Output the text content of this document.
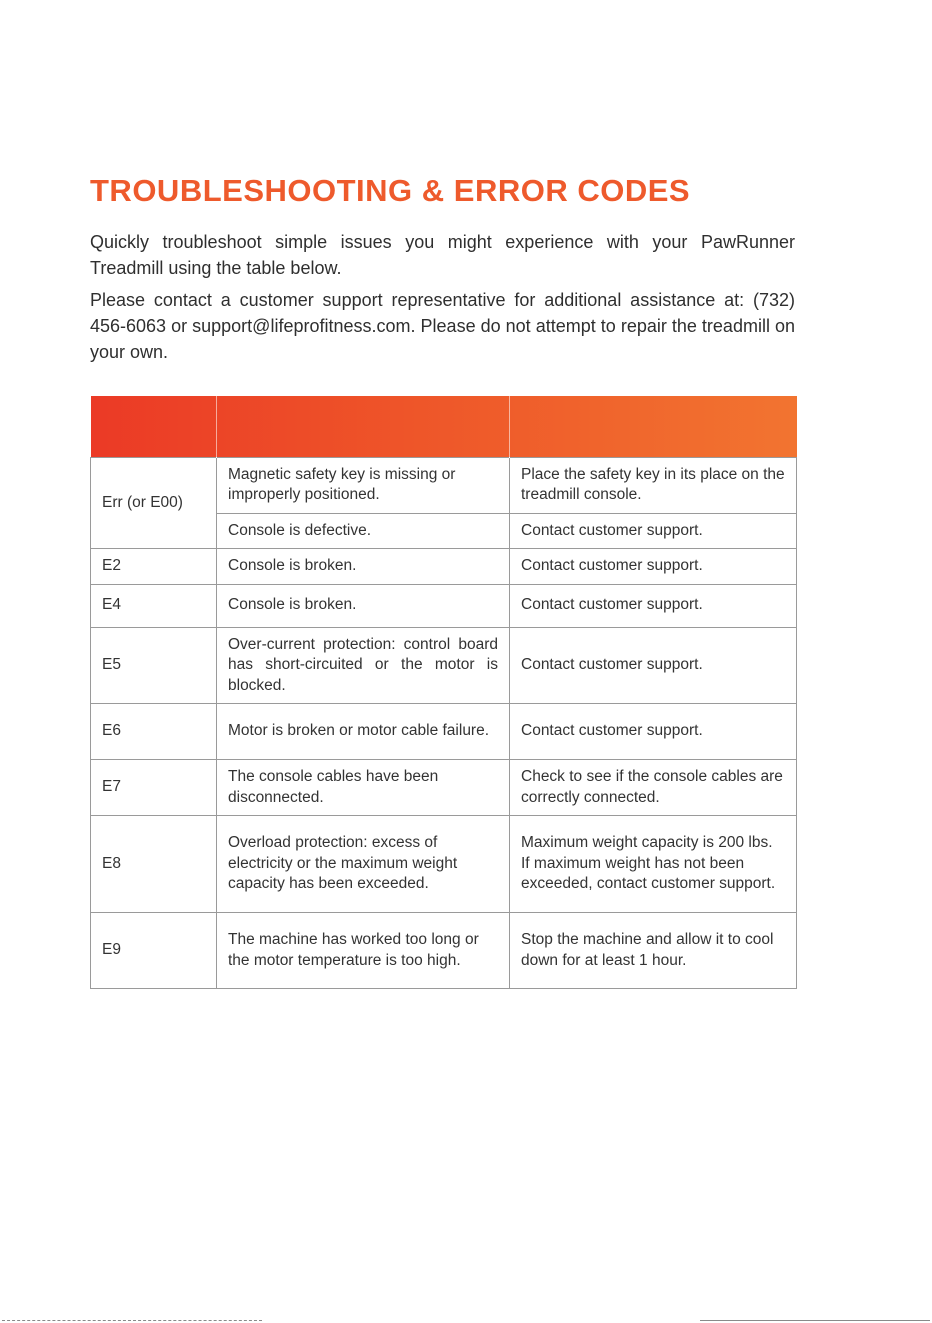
TROUBLESHOOTING & ERROR CODES

Quickly troubleshoot simple issues you might experience with your PawRunner Treadmill using the table below.

Please contact a customer support representative for additional assistance at: (732) 456-6063 or support@lifeprofitness.com. Please do not attempt to repair the treadmill on your own.

Err (or E00)	Magnetic safety key is missing or improperly positioned.	Place the safety key in its place on the treadmill console.
	Console is defective.	Contact customer support.
E2	Console is broken.	Contact customer support.
E4	Console is broken.	Contact customer support.
E5	Over-current protection: control board has short-circuited or the motor is blocked.	Contact customer support.
E6	Motor is broken or motor cable failure.	Contact customer support.
E7	The console cables have been disconnected.	Check to see if the console cables are correctly connected.
E8	Overload protection: excess of electricity or the maximum weight capacity has been exceeded.	Maximum weight capacity is 200 lbs. If maximum weight has not been exceeded, contact customer support.
E9	The machine has worked too long or the motor temperature is too high.	Stop the machine and allow it to cool down for at least 1 hour.
